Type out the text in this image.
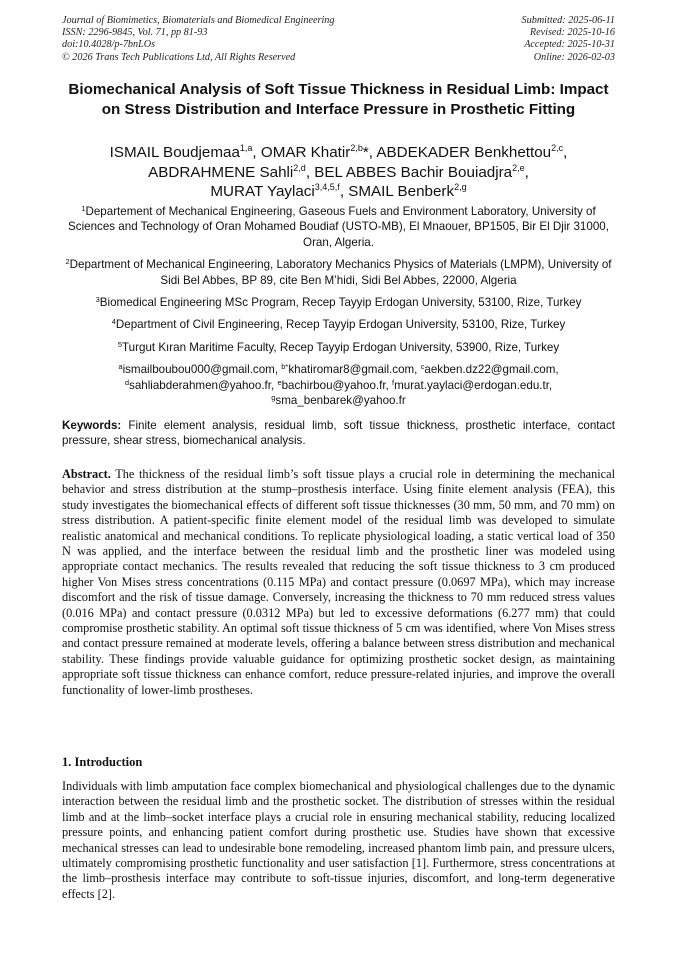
Journal of Biomimetics, Biomaterials and Biomedical Engineering
ISSN: 2296-9845, Vol. 71, pp 81-93
doi:10.4028/p-7bnLOs
© 2026 Trans Tech Publications Ltd, All Rights Reserved
Submitted: 2025-06-11
Revised: 2025-10-16
Accepted: 2025-10-31
Online: 2026-02-03
Biomechanical Analysis of Soft Tissue Thickness in Residual Limb: Impact on Stress Distribution and Interface Pressure in Prosthetic Fitting
ISMAIL Boudjemaa$^{1,a}$, OMAR Khatir$^{2,b}$*, ABDEKADER Benkhettou$^{2,c}$,
ABDRAHMENE Sahli$^{2,d}$, BEL ABBES Bachir Bouiadjra$^{2,e}$,
MURAT Yaylaci$^{3,4,5,f}$, SMAIL Benberk$^{2,g}$
$^1$Departement of Mechanical Engineering, Gaseous Fuels and Environment Laboratory, University of Sciences and Technology of Oran Mohamed Boudiaf (USTO-MB), El Mnaouer, BP1505, Bir El Djir 31000, Oran, Algeria.
$^2$Department of Mechanical Engineering, Laboratory Mechanics Physics of Materials (LMPM), University of Sidi Bel Abbes, BP 89, cite Ben M’hidi, Sidi Bel Abbes, 22000, Algeria
$^3$Biomedical Engineering MSc Program, Recep Tayyip Erdogan University, 53100, Rize, Turkey
$^4$Department of Civil Engineering, Recep Tayyip Erdogan University, 53100, Rize, Turkey
$^5$Turgut Kıran Maritime Faculty, Recep Tayyip Erdogan University, 53900, Rize, Turkey
$^a$ismailboubou000@gmail.com, $^{b*}$khatiromar8@gmail.com, $^c$aekben.dz22@gmail.com,
$^d$sahliabderahmen@yahoo.fr, $^e$bachirbou@yahoo.fr, $^f$murat.yaylaci@erdogan.edu.tr,
$^g$sma_benbarek@yahoo.fr
Keywords: Finite element analysis, residual limb, soft tissue thickness, prosthetic interface, contact pressure, shear stress, biomechanical analysis.
Abstract. The thickness of the residual limb’s soft tissue plays a crucial role in determining the mechanical behavior and stress distribution at the stump–prosthesis interface. Using finite element analysis (FEA), this study investigates the biomechanical effects of different soft tissue thicknesses (30 mm, 50 mm, and 70 mm) on stress distribution. A patient-specific finite element model of the residual limb was developed to simulate realistic anatomical and mechanical conditions. To replicate physiological loading, a static vertical load of 350 N was applied, and the interface between the residual limb and the prosthetic liner was modeled using appropriate contact mechanics. The results revealed that reducing the soft tissue thickness to 3 cm produced higher Von Mises stress concentrations (0.115 MPa) and contact pressure (0.0697 MPa), which may increase discomfort and the risk of tissue damage. Conversely, increasing the thickness to 70 mm reduced stress values (0.016 MPa) and contact pressure (0.0312 MPa) but led to excessive deformations (6.277 mm) that could compromise prosthetic stability. An optimal soft tissue thickness of 5 cm was identified, where Von Mises stress and contact pressure remained at moderate levels, offering a balance between stress distribution and mechanical stability. These findings provide valuable guidance for optimizing prosthetic socket design, as maintaining appropriate soft tissue thickness can enhance comfort, reduce pressure-related injuries, and improve the overall functionality of lower-limb prostheses.
1. Introduction
Individuals with limb amputation face complex biomechanical and physiological challenges due to the dynamic interaction between the residual limb and the prosthetic socket. The distribution of stresses within the residual limb and at the limb–socket interface plays a crucial role in ensuring mechanical stability, reducing localized pressure points, and enhancing patient comfort during prosthetic use. Studies have shown that excessive mechanical stresses can lead to undesirable bone remodeling, increased phantom limb pain, and pressure ulcers, ultimately compromising prosthetic functionality and user satisfaction [1]. Furthermore, stress concentrations at the limb–prosthesis interface may contribute to soft-tissue injuries, discomfort, and long-term degenerative effects [2].
